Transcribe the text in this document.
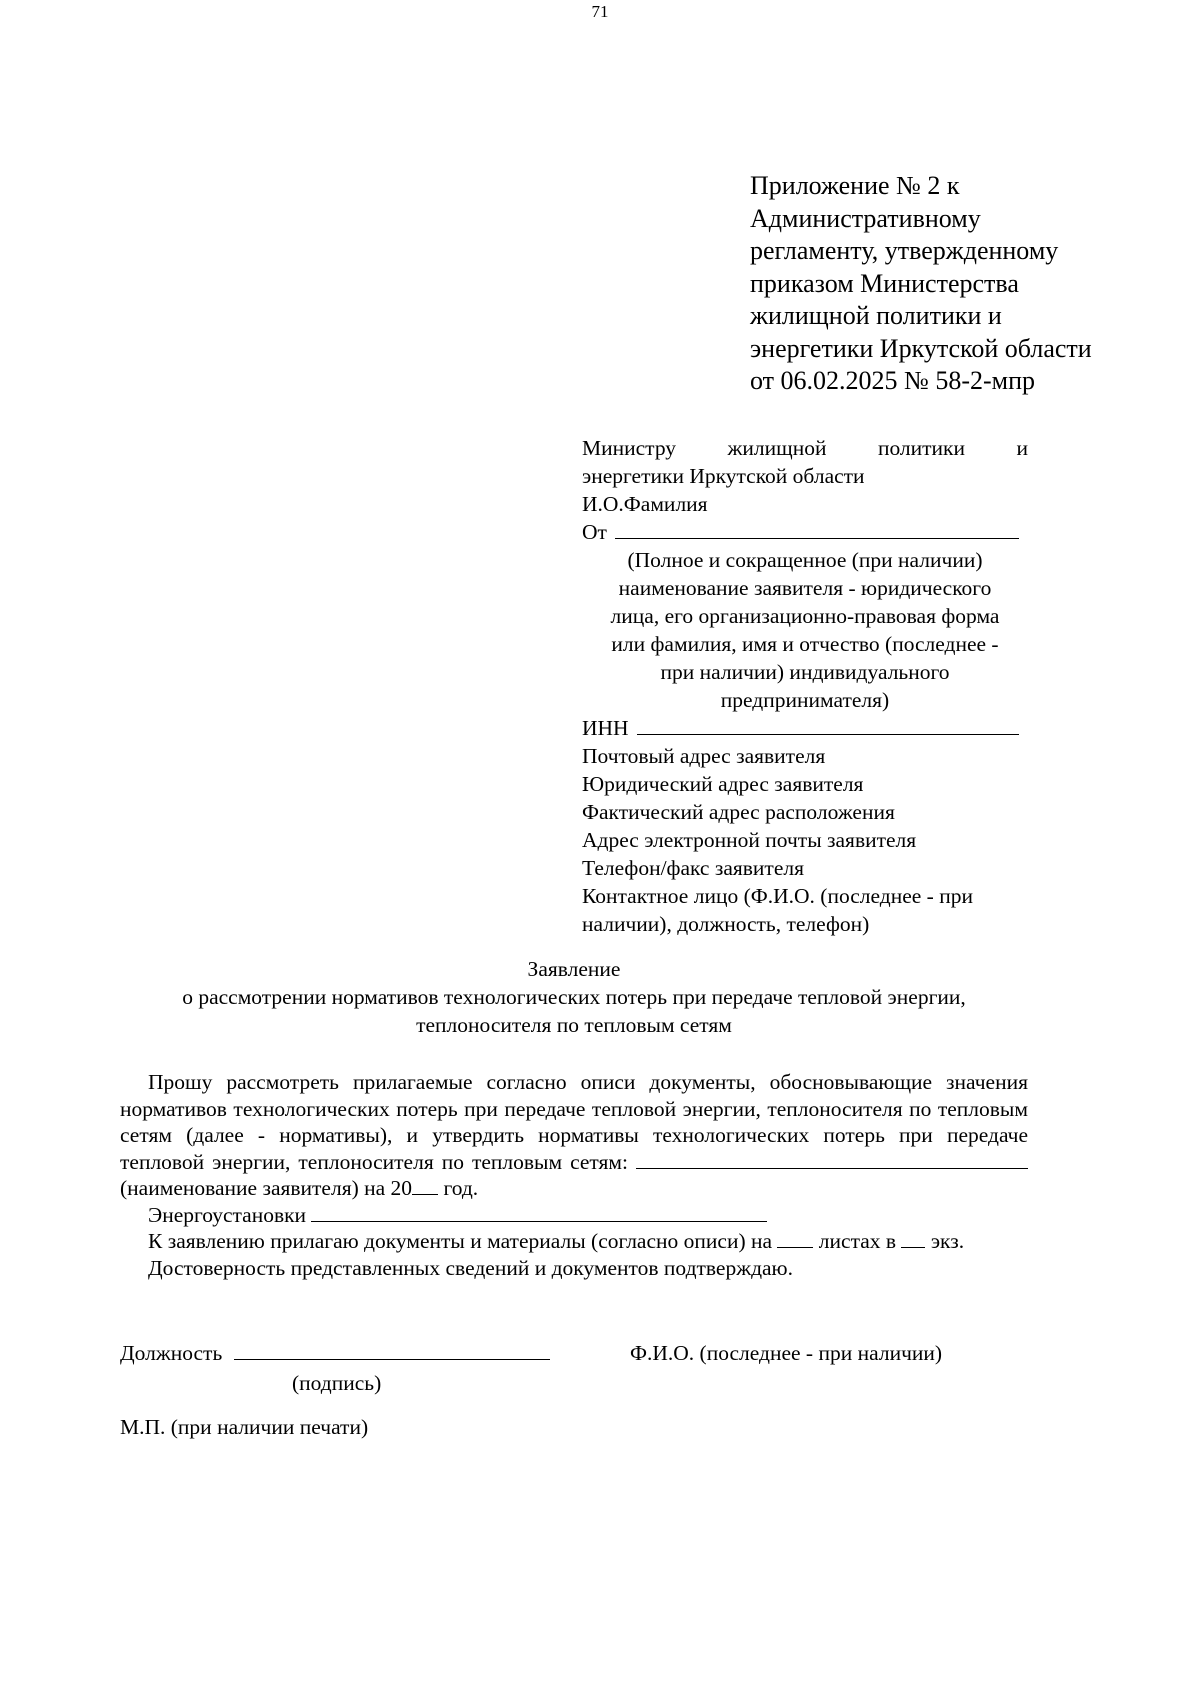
71
Приложение № 2 к
Административному
регламенту, утвержденному
приказом Министерства
жилищной политики и
энергетики Иркутской области
от 06.02.2025 № 58-2-мпр
Министру жилищной политики и
энергетики Иркутской области
И.О.Фамилия
От
(Полное и сокращенное (при наличии)
наименование заявителя - юридического
лица, его организационно-правовая форма
или фамилия, имя и отчество (последнее -
при наличии) индивидуального
предпринимателя)
ИНН
Почтовый адрес заявителя
Юридический адрес заявителя
Фактический адрес расположения
Адрес электронной почты заявителя
Телефон/факс заявителя
Контактное лицо (Ф.И.О. (последнее - при
наличии), должность, телефон)
Заявление
о рассмотрении нормативов технологических потерь при передаче тепловой энергии,
теплоносителя по тепловым сетям
Прошу рассмотреть прилагаемые согласно описи документы, обосновывающие значения нормативов технологических потерь при передаче тепловой энергии, теплоносителя по тепловым сетям (далее - нормативы), и утвердить нормативы технологических потерь при передаче тепловой энергии, теплоносителя по тепловым сетям:  (наименование заявителя) на 20 год.
Энергоустановки
К заявлению прилагаю документы и материалы (согласно описи) на листах в экз.
Достоверность представленных сведений и документов подтверждаю.
Должность	Ф.И.О. (последнее - при наличии)
(подпись)
М.П. (при наличии печати)
